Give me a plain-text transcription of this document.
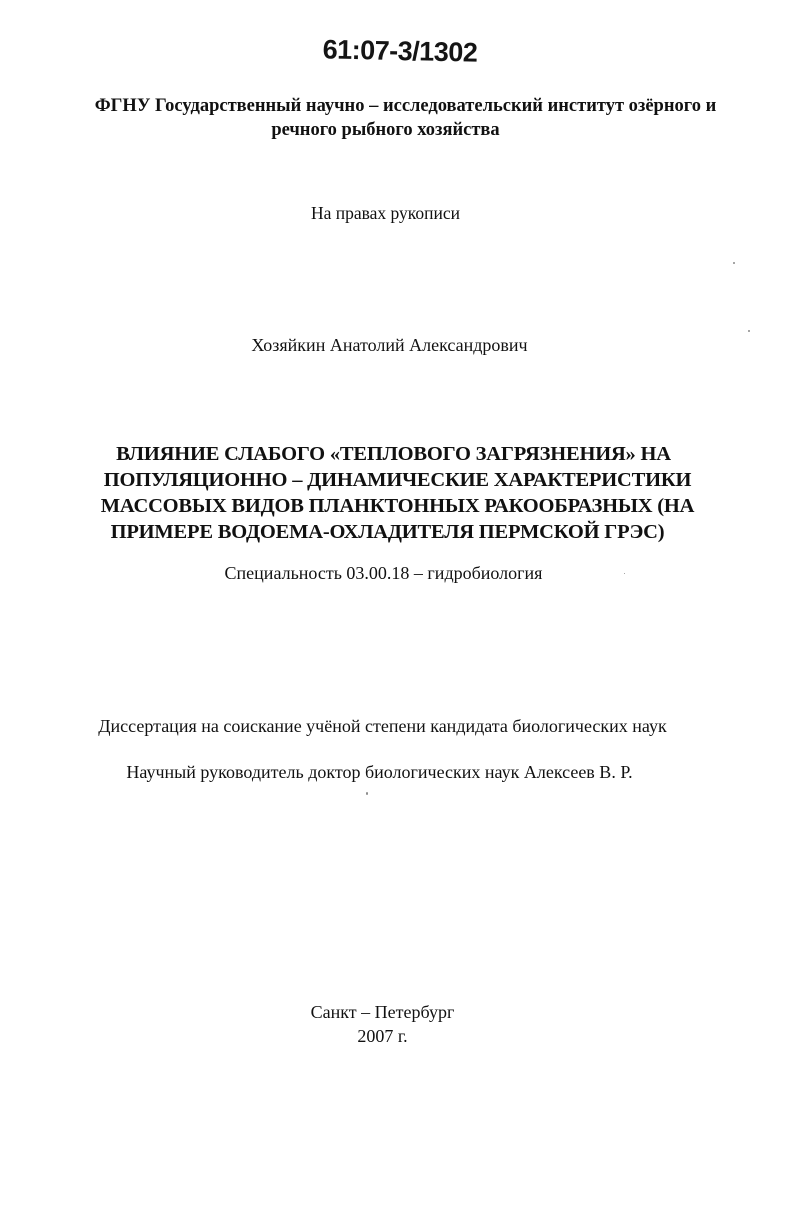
61:07-3/1302
ФГНУ Государственный научно – исследовательский институт озёрного и
речного рыбного хозяйства
На правах рукописи
Хозяйкин Анатолий Александрович
ВЛИЯНИЕ СЛАБОГО «ТЕПЛОВОГО ЗАГРЯЗНЕНИЯ» НА
ПОПУЛЯЦИОННО – ДИНАМИЧЕСКИЕ ХАРАКТЕРИСТИКИ
МАССОВЫХ ВИДОВ ПЛАНКТОННЫХ РАКООБРАЗНЫХ (НА
ПРИМЕРЕ ВОДОЕМА-ОХЛАДИТЕЛЯ ПЕРМСКОЙ ГРЭС)
Специальность 03.00.18 – гидробиология
Диссертация на соискание учёной степени кандидата биологических наук
Научный руководитель доктор биологических наук Алексеев В. Р.
Санкт – Петербург
2007 г.
